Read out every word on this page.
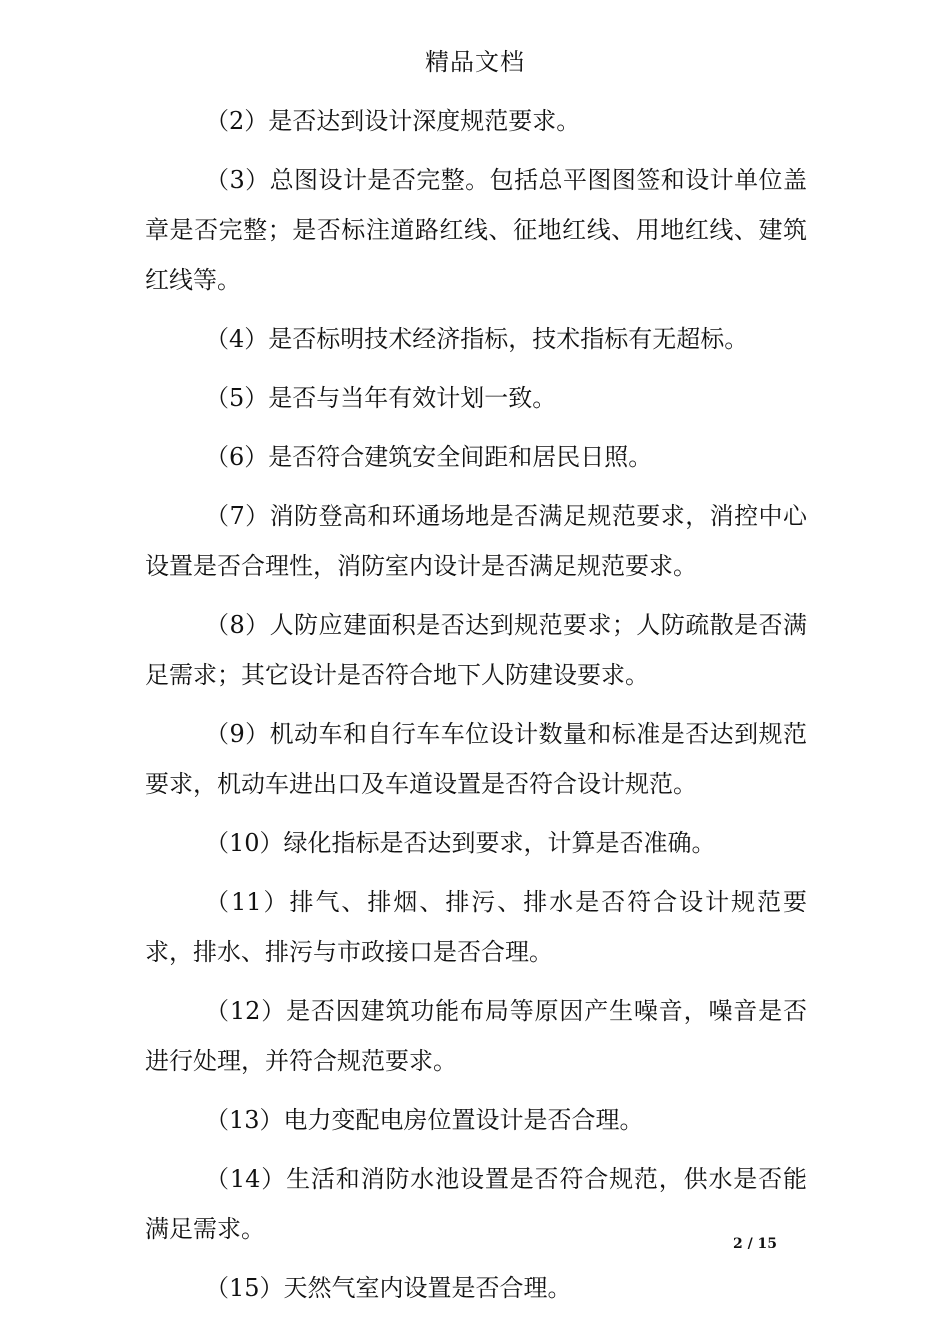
精品文档

（2）是否达到设计深度规范要求。

（3）总图设计是否完整。包括总平图图签和设计单位盖章是否完整；是否标注道路红线、征地红线、用地红线、建筑红线等。

（4）是否标明技术经济指标，技术指标有无超标。

（5）是否与当年有效计划一致。

（6）是否符合建筑安全间距和居民日照。

（7）消防登高和环通场地是否满足规范要求，消控中心设置是否合理性，消防室内设计是否满足规范要求。

（8）人防应建面积是否达到规范要求；人防疏散是否满足需求；其它设计是否符合地下人防建设要求。

（9）机动车和自行车车位设计数量和标准是否达到规范要求，机动车进出口及车道设置是否符合设计规范。

（10）绿化指标是否达到要求，计算是否准确。

（11）排气、排烟、排污、排水是否符合设计规范要求，排水、排污与市政接口是否合理。

（12）是否因建筑功能布局等原因产生噪音，噪音是否进行处理，并符合规范要求。

（13）电力变配电房位置设计是否合理。

（14）生活和消防水池设置是否符合规范，供水是否能满足需求。

（15）天然气室内设置是否合理。

2 / 15
